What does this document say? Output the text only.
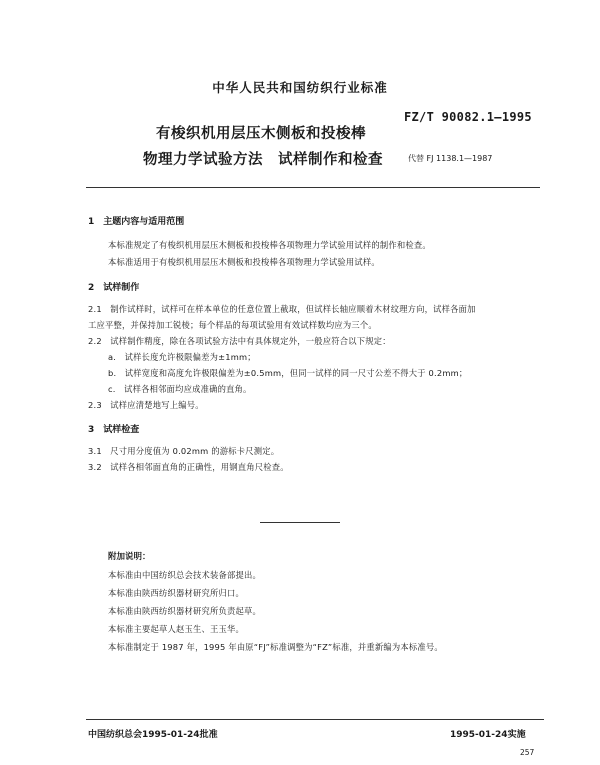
中华人民共和国纺织行业标准
FZ/T 90082.1—1995
有梭织机用层压木侧板和投梭棒
物理力学试验方法　试样制作和检查	代替 FJ 1138.1—1987
1　主题内容与适用范围
本标准规定了有梭织机用层压木侧板和投梭棒各项物理力学试验用试样的制作和检查。
本标准适用于有梭织机用层压木侧板和投梭棒各项物理力学试验用试样。
2　试样制作
2.1　制作试样时，试样可在样本单位的任意位置上截取，但试样长轴应顺着木材纹理方向，试样各面加
工应平整，并保持加工锐棱；每个样品的每项试验用有效试样数均应为三个。
2.2　试样制作精度，除在各项试验方法中有具体规定外，一般应符合以下规定：
a.　试样长度允许极限偏差为±1mm；
b.　试样宽度和高度允许极限偏差为±0.5mm，但同一试样的同一尺寸公差不得大于 0.2mm；
c.　试样各相邻面均应成准确的直角。
2.3　试样应清楚地写上编号。
3　试样检查
3.1　尺寸用分度值为 0.02mm 的游标卡尺测定。
3.2　试样各相邻面直角的正确性，用钢直角尺检查。
附加说明：
本标准由中国纺织总会技术装备部提出。
本标准由陕西纺织器材研究所归口。
本标准由陕西纺织器材研究所负责起草。
本标准主要起草人赵玉生、王玉华。
本标准制定于 1987 年，1995 年由原“FJ”标准调整为“FZ”标准，并重新编为本标准号。
中国纺织总会1995-01-24批准	1995-01-24实施
257
